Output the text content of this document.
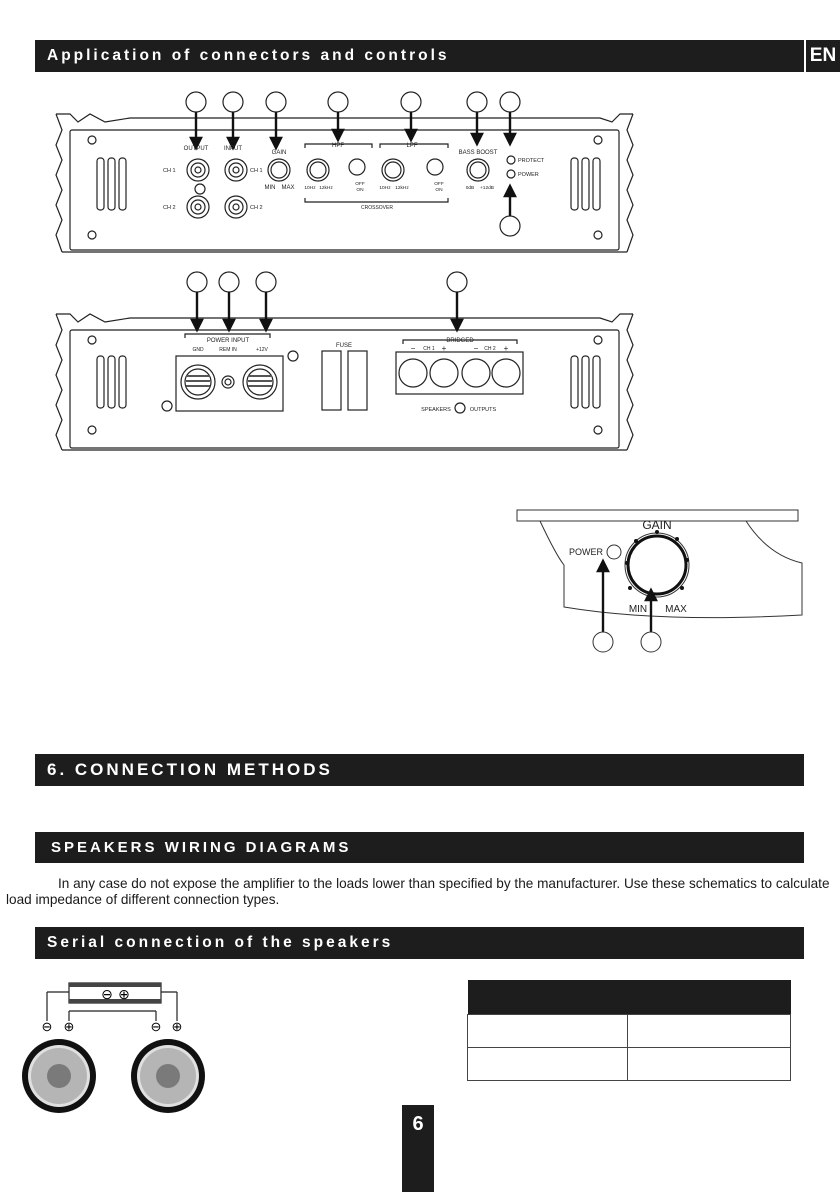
Application of connectors and controls	EN
OUTPUT	INPUT
GAIN
MIN MAX
HPF
10Hz 12kHz
OFF
ON
LPF
10Hz 12kHz
OFF
ON
CROSSOVER
BASS BOOST
0dB +12dB
PROTECT
POWER
CH 1
CH 2
CH 1
CH 2
POWER INPUT
GND	REM IN	+12V
FUSE
BRIDGED
CH 1	CH 2
−	+	−	+
SPEAKERS	OUTPUTS
GAIN
POWER
MIN MAX
6. CONNECTION METHODS
SPEAKERS WIRING DIAGRAMS
In any case do not expose the amplifier to the loads lower than specified by the manufacturer. Use these schematics to calculate load impedance of different connection types.
Serial connection of the speakers
⊖ ⊕
⊖ ⊕	⊖ ⊕

6
